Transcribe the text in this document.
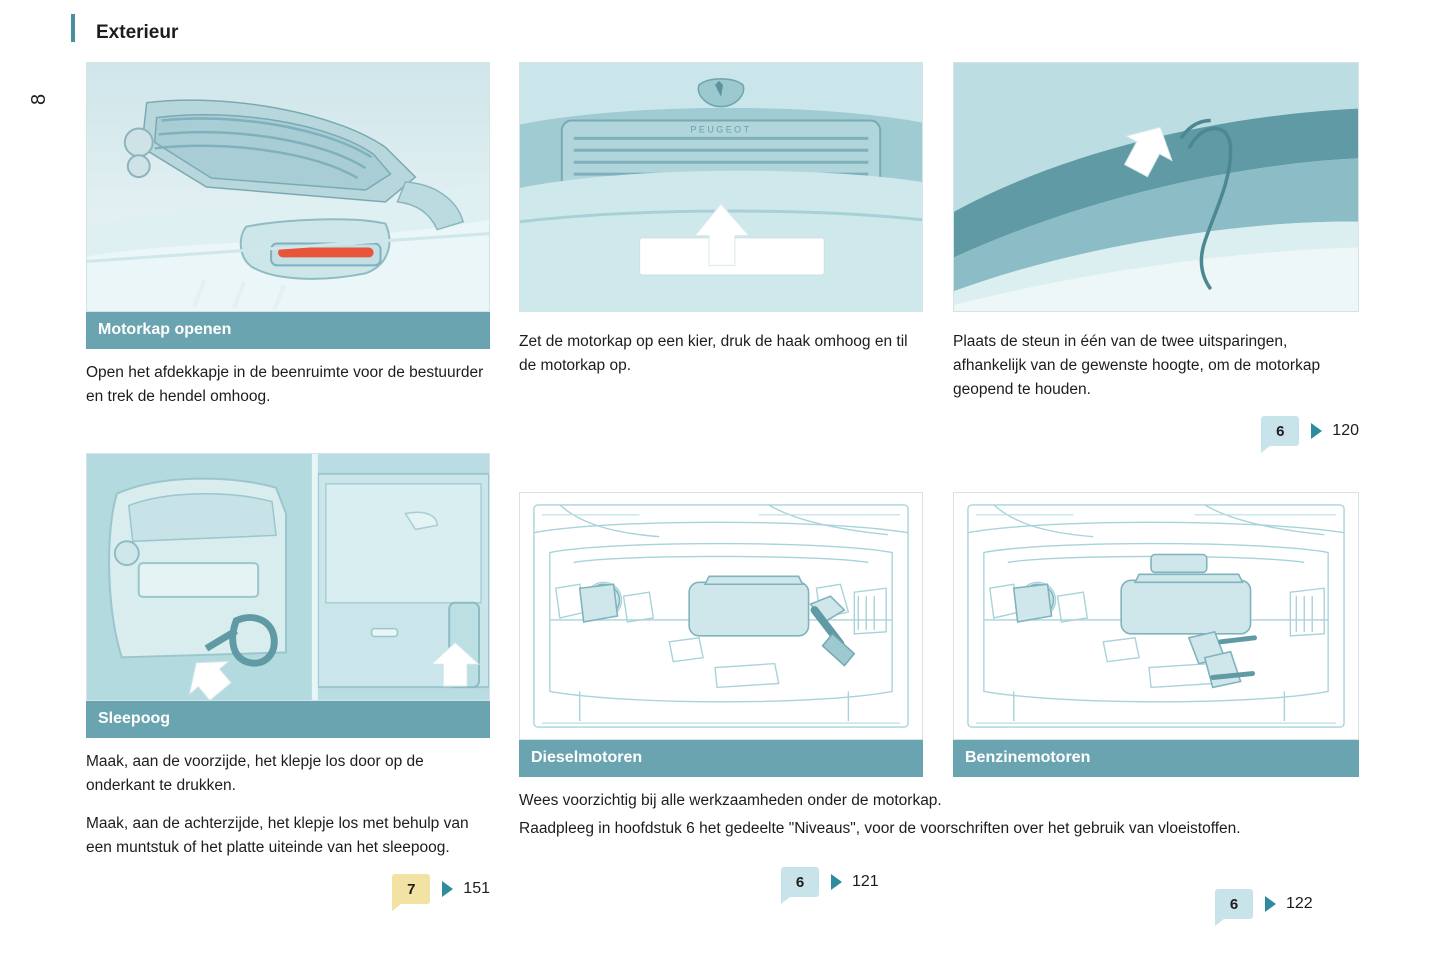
8
Exterieur
Motorkap openen

Open het afdekkapje in de beenruimte voor de bestuurder en trek de hendel omhoog.

Sleepoog

Maak, aan de voorzijde, het klepje los door op de onderkant te drukken.

Maak, aan de achterzijde, het klepje los met behulp van een muntstuk of het platte uiteinde van het sleepoog.

7	151
PEUGEOT

Zet de motorkap op een kier, druk de haak omhoog en til de motorkap op.

Dieselmotoren

Wees voorzichtig bij alle werkzaamheden onder de motorkap.

Raadpleeg in hoofdstuk 6 het gedeelte "Niveaus", voor de voorschriften over het gebruik van vloeistoffen.

6	121

Plaats de steun in één van de twee uitsparingen, afhankelijk van de gewenste hoogte, om de motorkap geopend te houden.

6	120
Benzinemotoren
6	122
